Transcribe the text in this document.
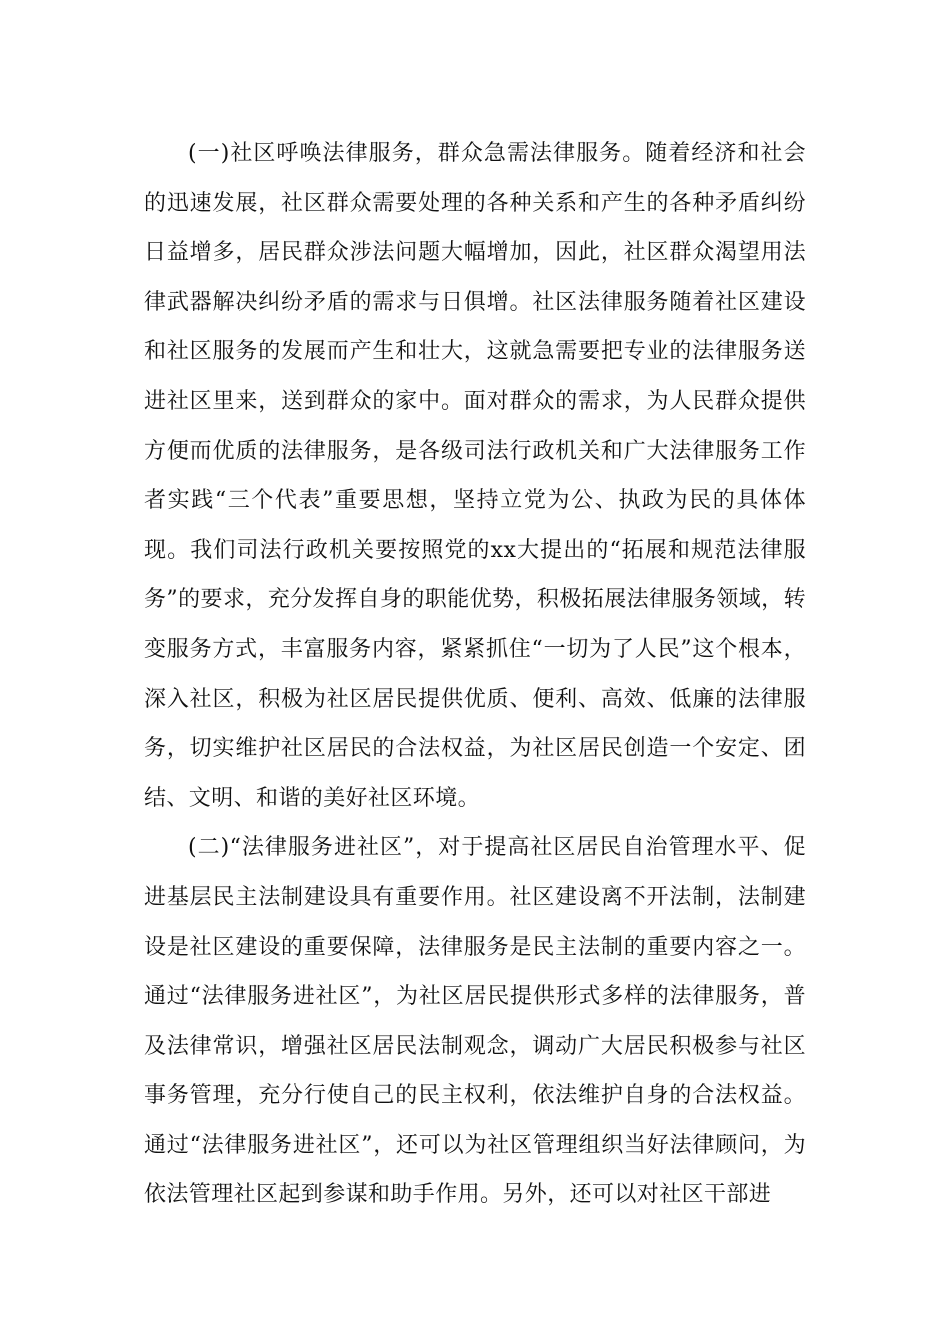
(一)社区呼唤法律服务，群众急需法律服务。随着经济和社会的迅速发展，社区群众需要处理的各种关系和产生的各种矛盾纠纷日益增多，居民群众涉法问题大幅增加，因此，社区群众渴望用法律武器解决纠纷矛盾的需求与日俱增。社区法律服务随着社区建设和社区服务的发展而产生和壮大，这就急需要把专业的法律服务送进社区里来，送到群众的家中。面对群众的需求，为人民群众提供方便而优质的法律服务，是各级司法行政机关和广大法律服务工作者实践“三个代表”重要思想，坚持立党为公、执政为民的具体体现。我们司法行政机关要按照党的xx大提出的“拓展和规范法律服务”的要求，充分发挥自身的职能优势，积极拓展法律服务领域，转变服务方式，丰富服务内容，紧紧抓住“一切为了人民”这个根本，深入社区，积极为社区居民提供优质、便利、高效、低廉的法律服务，切实维护社区居民的合法权益，为社区居民创造一个安定、团结、文明、和谐的美好社区环境。

(二)“法律服务进社区”，对于提高社区居民自治管理水平、促进基层民主法制建设具有重要作用。社区建设离不开法制，法制建设是社区建设的重要保障，法律服务是民主法制的重要内容之一。通过“法律服务进社区”，为社区居民提供形式多样的法律服务，普及法律常识，增强社区居民法制观念，调动广大居民积极参与社区事务管理，充分行使自己的民主权利，依法维护自身的合法权益。通过“法律服务进社区”，还可以为社区管理组织当好法律顾问，为依法管理社区起到参谋和助手作用。另外，还可以对社区干部进
